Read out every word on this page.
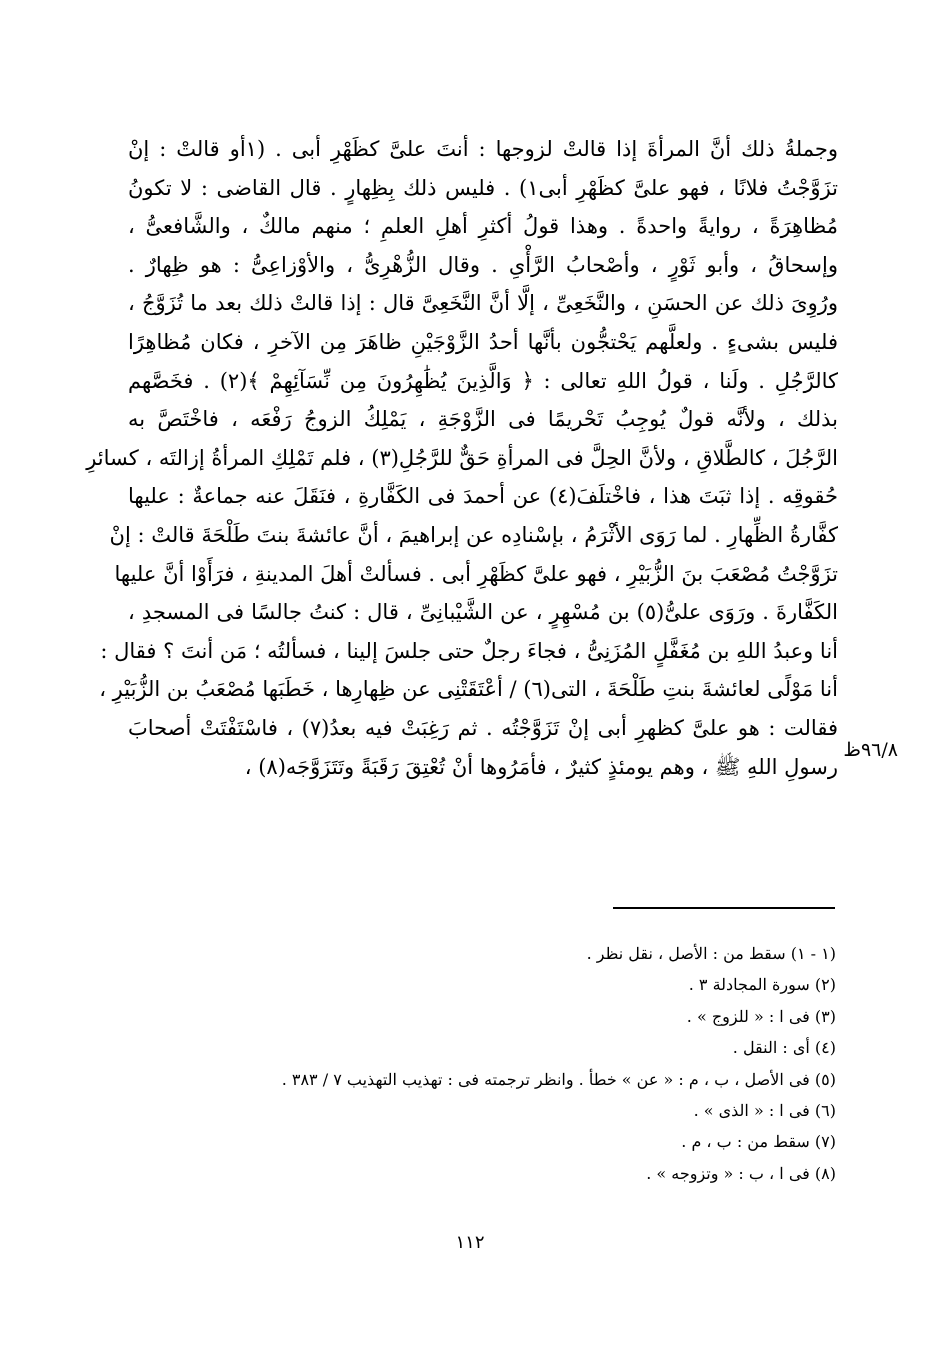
وجملةُ ذلك أنَّ المرأةَ إذا قالتْ لزوجها : أنتَ علىَّ كظَهْرِ أبى . (١أو قالتْ : إنْ
تزَوَّجْتُ فلانًا ، فهو علىَّ كظَهْرِ أبى١) . فليس ذلك بِظِهارٍ . قال القاضى : لا تكونُ
مُظاهِرَةً ، روايةً واحدةً . وهذا قولُ أكثرِ أهلِ العلمِ ؛ منهم مالكٌ ، والشَّافعىُّ ،
وإسحاقُ ، وأبو ثَوْرٍ ، وأصْحابُ الرَّأْىِ . وقال الزُّهْرِىُّ ، والأوْزاعِىُّ : هو ظِهارٌ .
ورُوِىَ ذلك عن الحسَنِ ، والنَّخَعِىِّ ، إلَّا أنَّ النَّخَعِىَّ قال : إذا قالتْ ذلك بعد ما تُزَوَّجُ ،
فليس بشىءٍ . ولعلَّهم يَحْتجُّون بأنَّها أحدُ الزَّوْجَيْنِ ظاهَرَ مِن الآخرِ ، فكان مُظاهِرًا
كالرَّجُلِ . ولَنا ، قولُ اللهِ تعالى : ﴿ وَالَّذِينَ يُظَٰهِرُونَ مِن نِّسَآئِهِمْ ﴾(٢) . فخَصَّهم
بذلك ، ولأنَّه قولٌ يُوجِبُ تَحْريمًا فى الزَّوْجَةِ ، يَمْلِكُ الزوجُ رَفْعَه ، فاخْتَصَّ به
الرَّجُلَ ، كالطَّلاقِ ، ولأنَّ الحِلَّ فى المرأةِ حَقٌّ للرَّجُلِ(٣) ، فلم تَمْلِكِ المرأةُ إزالتَه ، كسائرِ
حُقوقِه . إذا ثبَتَ هذا ، فاخْتلَفَ(٤) عن أحمدَ فى الكَفَّارةِ ، فنَقَلَ عنه جماعةٌ : عليها
كفَّارةُ الظِّهارِ . لما رَوَى الأثْرَمُ ، بإسْنادِه عن إبراهيمَ ، أنَّ عائشةَ بنتَ طَلْحَةَ قالتْ : إنْ
تزَوَّجْتُ مُصْعَبَ بنَ الزُّبَيْرِ ، فهو علىَّ كظَهْرِ أبى . فسألتْ أهلَ المدينةِ ، فرَأَوْا أنَّ عليها
الكَفَّارةَ . ورَوَى علىُّ(٥) بن مُسْهِرٍ ، عن الشَّيْبانِىِّ ، قال : كنتُ جالسًا فى المسجدِ ،
أنا وعبدُ اللهِ بن مُغَفَّلٍ المُزَنِىُّ ، فجاءَ رجلٌ حتى جلسَ إلينا ، فسألتُه ؛ مَن أنتَ ؟ فقال :
أنا مَوْلًى لعائشةَ بنتِ طَلْحَةَ ، التى(٦) / أعْتَقَتْنِى عن ظِهارِها ، خَطَبَها مُصْعَبُ بن الزُّبَيْرِ ،
فقالت : هو علىَّ كظهرِ أبى إنْ تَزَوَّجْتُه . ثم رَغِبَتْ فيه بعدُ(٧) ، فاسْتَفْتَتْ أصحابَ
رسولِ اللهِ ﷺ ، وهم يومئذٍ كثيرٌ ، فأمَرُوها أنْ تُعْتِقَ رَقَبَةً وتَتَزَوَّجَه(٨) ،
٩٦/٨ظ
(١ - ١) سقط من : الأصل ، نقل نظر .
(٢) سورة المجادلة ٣ .
(٣) فى ا : « للزوج » .
(٤) أى : النقل .
(٥) فى الأصل ، ب ، م : « عن » خطأ . وانظر ترجمته فى : تهذيب التهذيب ٧ / ٣٨٣ .
(٦) فى ا : « الذى » .
(٧) سقط من : ب ، م .
(٨) فى ا ، ب : « وتزوجه » .
١١٢
